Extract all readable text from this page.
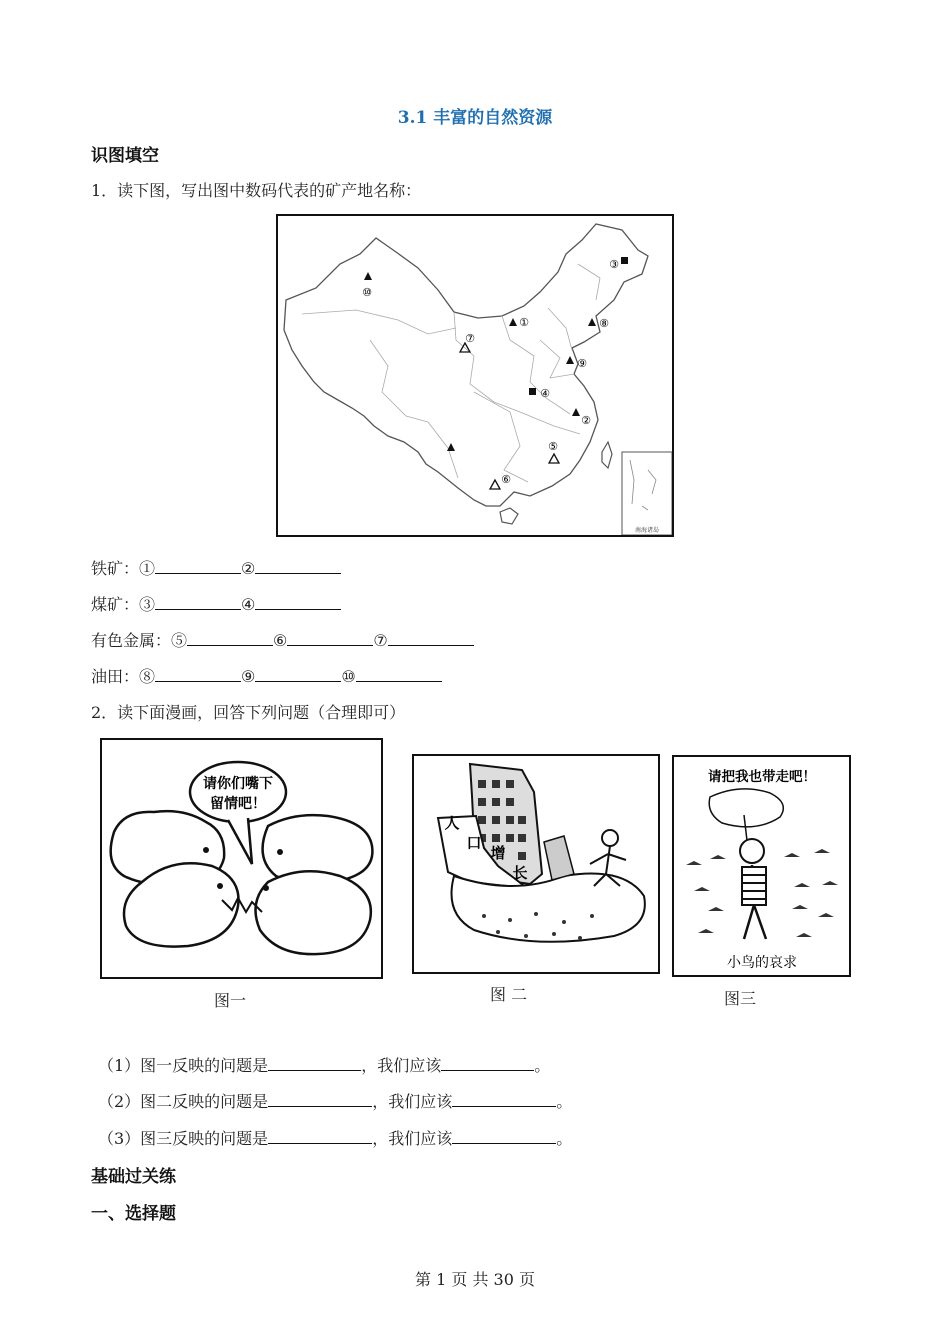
3.1 丰富的自然资源
识图填空
1．读下图，写出图中数码代表的矿产地名称：
南海诸岛
⑩
③
①	⑧
⑦
⑨
④
②
⑤
⑥
铁矿：①	②
煤矿：③	④
有色金属：⑤	⑥	⑦
油田：⑧	⑨	⑩
2．读下面漫画，回答下列问题（合理即可）
请你们嘴下
留情吧！
图一
人
口
增
长
图 二
请把我也带走吧！
小鸟的哀求
图三
（1）图一反映的问题是	，我们应该	。
（2）图二反映的问题是	，我们应该	。
（3）图三反映的问题是	，我们应该	。
基础过关练
一、选择题
第 1 页 共 30 页
